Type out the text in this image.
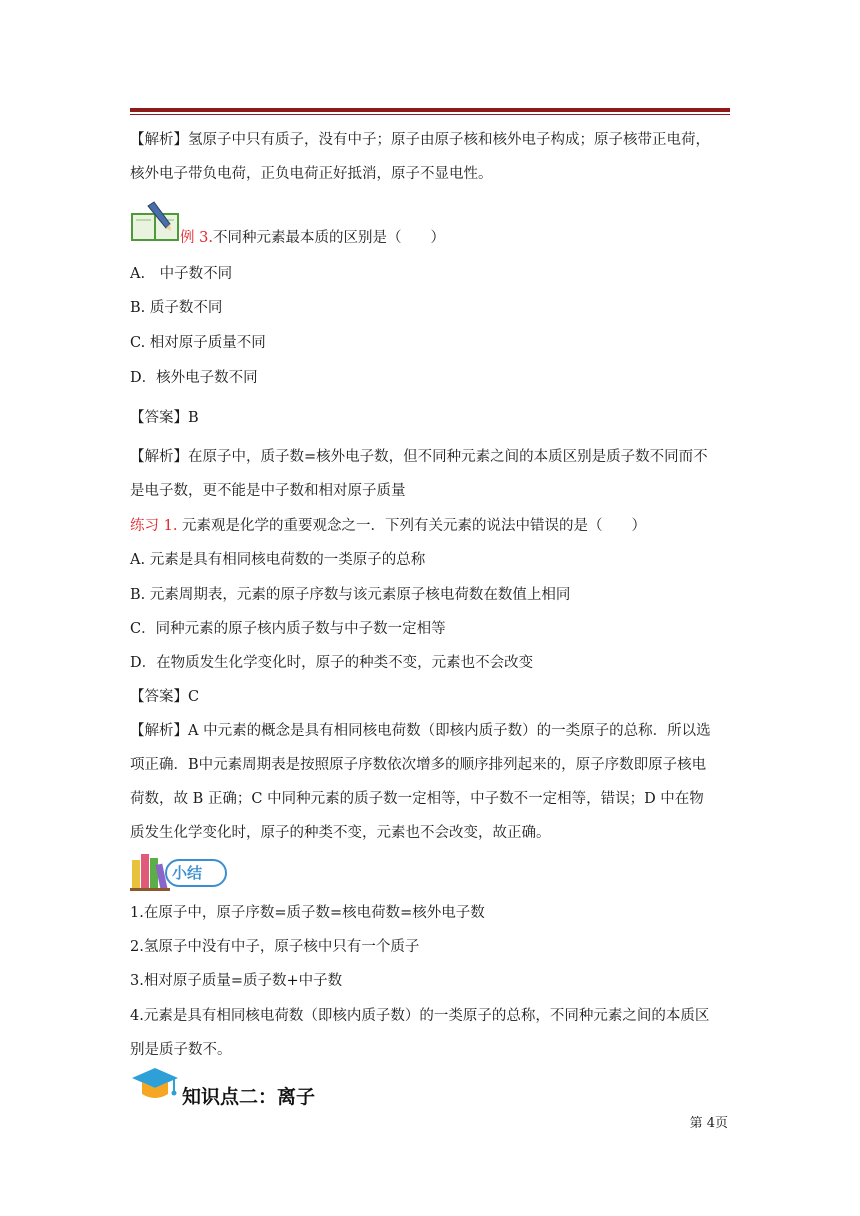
【解析】氢原子中只有质子，没有中子；原子由原子核和核外电子构成；原子核带正电荷，
核外电子带负电荷，正负电荷正好抵消，原子不显电性。
例 3.不同种元素最本质的区别是（　　）
A.　中子数不同
B. 质子数不同
C. 相对原子质量不同
D．核外电子数不同
【答案】B
【解析】在原子中，质子数=核外电子数，但不同种元素之间的本质区别是质子数不同而不
是电子数，更不能是中子数和相对原子质量
练习 1. 元素观是化学的重要观念之一．下列有关元素的说法中错误的是（　　）
A. 元素是具有相同核电荷数的一类原子的总称
B. 元素周期表，元素的原子序数与该元素原子核电荷数在数值上相同
C．同种元素的原子核内质子数与中子数一定相等
D．在物质发生化学变化时，原子的种类不变，元素也不会改变
【答案】C
【解析】A 中元素的概念是具有相同核电荷数（即核内质子数）的一类原子的总称．所以选
项正确．B中元素周期表是按照原子序数依次增多的顺序排列起来的，原子序数即原子核电
荷数，故 B 正确；C 中同种元素的质子数一定相等，中子数不一定相等，错误；D 中在物
质发生化学变化时，原子的种类不变，元素也不会改变，故正确。
小结
1.在原子中，原子序数=质子数=核电荷数=核外电子数
2.氢原子中没有中子，原子核中只有一个质子
3.相对原子质量=质子数+中子数
4.元素是具有相同核电荷数（即核内质子数）的一类原子的总称，不同种元素之间的本质区
别是质子数不。
知识点二：离子
第 4页
